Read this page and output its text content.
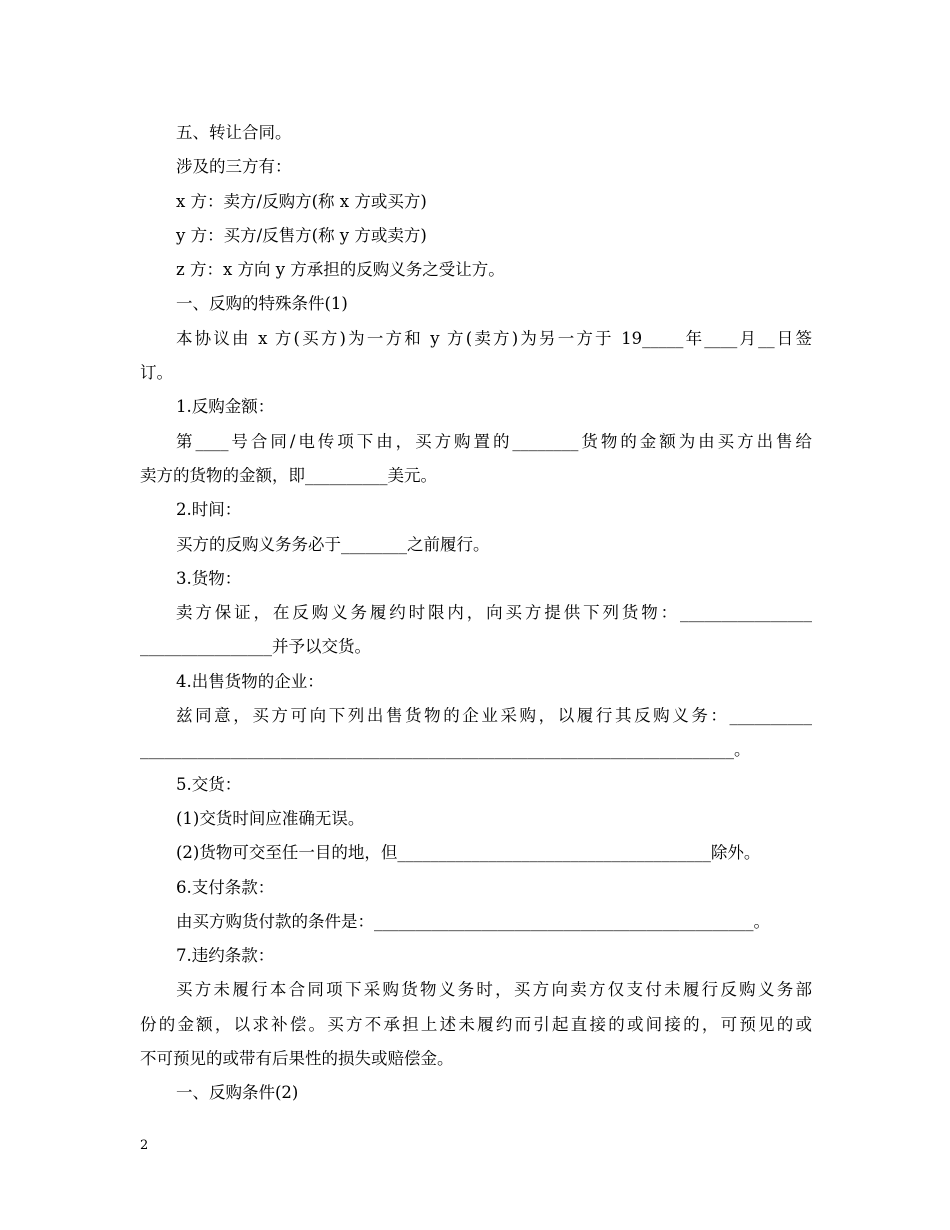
五、转让合同。
涉及的三方有：
x 方：卖方/反购方(称 x 方或买方)
y 方：买方/反售方(称 y 方或卖方)
z 方：x 方向 y 方承担的反购义务之受让方。
一、反购的特殊条件(1)
本协议由 x 方(买方)为一方和 y 方(卖方)为另一方于 19_____年____月__日签
订。
1.反购金额：
第____号合同/电传项下由，买方购置的________货物的金额为由买方出售给
卖方的货物的金额，即__________美元。
2.时间：
买方的反购义务务必于________之前履行。
3.货物：
卖方保证，在反购义务履约时限内，向买方提供下列货物：________________
________________并予以交货。
4.出售货物的企业：
兹同意，买方可向下列出售货物的企业采购，以履行其反购义务：__________
________________________________________________________________________。
5.交货：
(1)交货时间应准确无误。
(2)货物可交至任一目的地，但______________________________________除外。
6.支付条款：
由买方购货付款的条件是：______________________________________________。
7.违约条款：
买方未履行本合同项下采购货物义务时，买方向卖方仅支付未履行反购义务部
份的金额，以求补偿。买方不承担上述未履约而引起直接的或间接的，可预见的或
不可预见的或带有后果性的损失或赔偿金。
一、反购条件(2)
2
